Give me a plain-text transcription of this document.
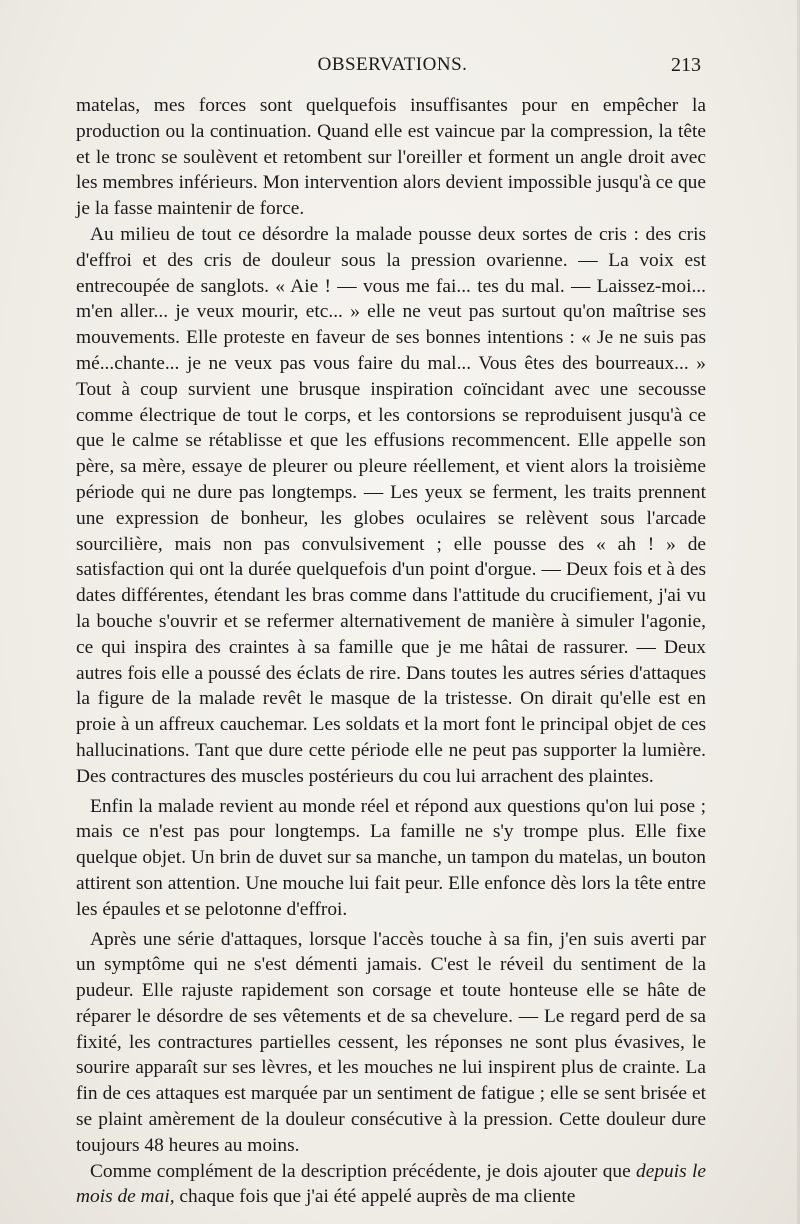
OBSERVATIONS.	213

matelas, mes forces sont quelquefois insuffisantes pour en empêcher la production ou la continuation. Quand elle est vaincue par la compression, la tête et le tronc se soulèvent et retombent sur l'oreiller et forment un angle droit avec les membres inférieurs. Mon intervention alors devient impossible jusqu'à ce que je la fasse maintenir de force.

Au milieu de tout ce désordre la malade pousse deux sortes de cris : des cris d'effroi et des cris de douleur sous la pression ovarienne. — La voix est entrecoupée de sanglots. « Aie ! — vous me fai... tes du mal. — Laissez-moi... m'en aller... je veux mourir, etc... » elle ne veut pas surtout qu'on maîtrise ses mouvements. Elle proteste en faveur de ses bonnes intentions : « Je ne suis pas mé...chante... je ne veux pas vous faire du mal... Vous êtes des bourreaux... » Tout à coup survient une brusque inspiration coïncidant avec une secousse comme électrique de tout le corps, et les contorsions se reproduisent jusqu'à ce que le calme se rétablisse et que les effusions recommencent. Elle appelle son père, sa mère, essaye de pleurer ou pleure réellement, et vient alors la troisième période qui ne dure pas longtemps. — Les yeux se ferment, les traits prennent une expression de bonheur, les globes oculaires se relèvent sous l'arcade sourcilière, mais non pas convulsivement ; elle pousse des « ah ! » de satisfaction qui ont la durée quelquefois d'un point d'orgue. — Deux fois et à des dates différentes, étendant les bras comme dans l'attitude du crucifiement, j'ai vu la bouche s'ouvrir et se refermer alternativement de manière à simuler l'agonie, ce qui inspira des craintes à sa famille que je me hâtai de rassurer. — Deux autres fois elle a poussé des éclats de rire. Dans toutes les autres séries d'attaques la figure de la malade revêt le masque de la tristesse. On dirait qu'elle est en proie à un affreux cauchemar. Les soldats et la mort font le principal objet de ces hallucinations. Tant que dure cette période elle ne peut pas supporter la lumière. Des contractures des muscles postérieurs du cou lui arrachent des plaintes.

Enfin la malade revient au monde réel et répond aux questions qu'on lui pose ; mais ce n'est pas pour longtemps. La famille ne s'y trompe plus. Elle fixe quelque objet. Un brin de duvet sur sa manche, un tampon du matelas, un bouton attirent son attention. Une mouche lui fait peur. Elle enfonce dès lors la tête entre les épaules et se pelotonne d'effroi.

Après une série d'attaques, lorsque l'accès touche à sa fin, j'en suis averti par un symptôme qui ne s'est démenti jamais. C'est le réveil du sentiment de la pudeur. Elle rajuste rapidement son corsage et toute honteuse elle se hâte de réparer le désordre de ses vêtements et de sa chevelure. — Le regard perd de sa fixité, les contractures partielles cessent, les réponses ne sont plus évasives, le sourire apparaît sur ses lèvres, et les mouches ne lui inspirent plus de crainte. La fin de ces attaques est marquée par un sentiment de fatigue ; elle se sent brisée et se plaint amèrement de la douleur consécutive à la pression. Cette douleur dure toujours 48 heures au moins.

Comme complément de la description précédente, je dois ajouter que depuis le mois de mai, chaque fois que j'ai été appelé auprès de ma cliente
